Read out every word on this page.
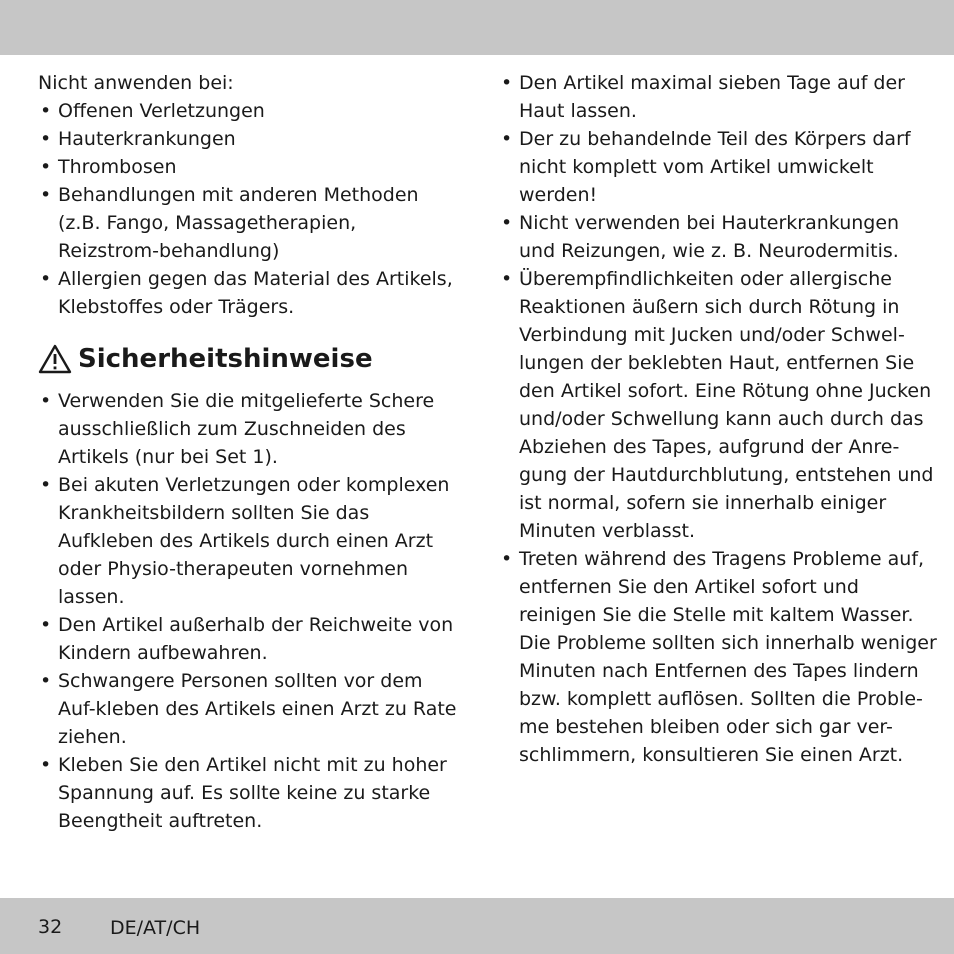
Nicht anwenden bei:

• Offenen Verletzungen
• Hauterkrankungen
• Thrombosen
• Behandlungen mit anderen Methoden (z.B. Fango, Massagetherapien, Reizstrom-behandlung)
• Allergien gegen das Material des Artikels, Klebstoffes oder Trägers.
Sicherheitshinweise
• Verwenden Sie die mitgelieferte Schere ausschließlich zum Zuschneiden des Artikels (nur bei Set 1).
• Bei akuten Verletzungen oder komplexen Krankheitsbildern sollten Sie das Aufkleben des Artikels durch einen Arzt oder Physio-therapeuten vornehmen lassen.
• Den Artikel außerhalb der Reichweite von Kindern aufbewahren.
• Schwangere Personen sollten vor dem Auf-kleben des Artikels einen Arzt zu Rate ziehen.
• Kleben Sie den Artikel nicht mit zu hoher Spannung auf. Es sollte keine zu starke Beengtheit auftreten.
• Den Artikel maximal sieben Tage auf der Haut lassen.
• Der zu behandelnde Teil des Körpers darf nicht komplett vom Artikel umwickelt werden!
• Nicht verwenden bei Hauterkrankungen und Reizungen, wie z. B. Neurodermitis.
• Überempfindlichkeiten oder allergische Reaktionen äußern sich durch Rötung in Verbindung mit Jucken und/oder Schwel-lungen der beklebten Haut, entfernen Sie den Artikel sofort. Eine Rötung ohne Jucken und/oder Schwellung kann auch durch das Abziehen des Tapes, aufgrund der Anre-gung der Hautdurchblutung, entstehen und ist normal, sofern sie innerhalb einiger Minuten verblasst.
• Treten während des Tragens Probleme auf, entfernen Sie den Artikel sofort und reinigen Sie die Stelle mit kaltem Wasser.

Die Probleme sollten sich innerhalb weniger Minuten nach Entfernen des Tapes lindern bzw. komplett auflösen. Sollten die Proble-me bestehen bleiben oder sich gar ver-schlimmern, konsultieren Sie einen Arzt.

32	DE/AT/CH
